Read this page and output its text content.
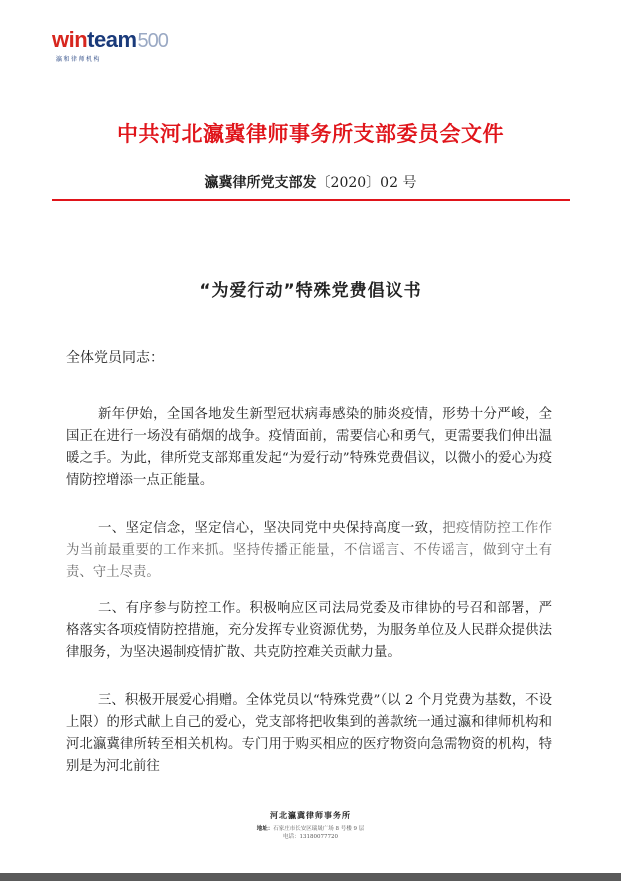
winteam500
瀛和律师机构
中共河北瀛冀律师事务所支部委员会文件
瀛冀律所党支部发〔2020〕02 号
“为爱行动”特殊党费倡议书
全体党员同志：

新年伊始，全国各地发生新型冠状病毒感染的肺炎疫情，形势十分严峻，全国正在进行一场没有硝烟的战争。疫情面前，需要信心和勇气，更需要我们伸出温暖之手。为此，律所党支部郑重发起“为爱行动”特殊党费倡议，以微小的爱心为疫情防控增添一点正能量。

一、坚定信念，坚定信心，坚决同党中央保持高度一致，把疫情防控工作作为当前最重要的工作来抓。坚持传播正能量，不信谣言、不传谣言，做到守土有责、守土尽责。

二、有序参与防控工作。积极响应区司法局党委及市律协的号召和部署，严格落实各项疫情防控措施，充分发挥专业资源优势，为服务单位及人民群众提供法律服务，为坚决遏制疫情扩散、共克防控难关贡献力量。

三、积极开展爱心捐赠。全体党员以“特殊党费”（以 2 个月党费为基数，不设上限）的形式献上自己的爱心，党支部将把收集到的善款统一通过瀛和律师机构和河北瀛冀律所转至相关机构。专门用于购买相应的医疗物资向急需物资的机构，特别是为河北前往

河北瀛冀律师事务所
地址：石家庄市长安区瑞晟广场 8 号楼 9 层
电话：13180077720
